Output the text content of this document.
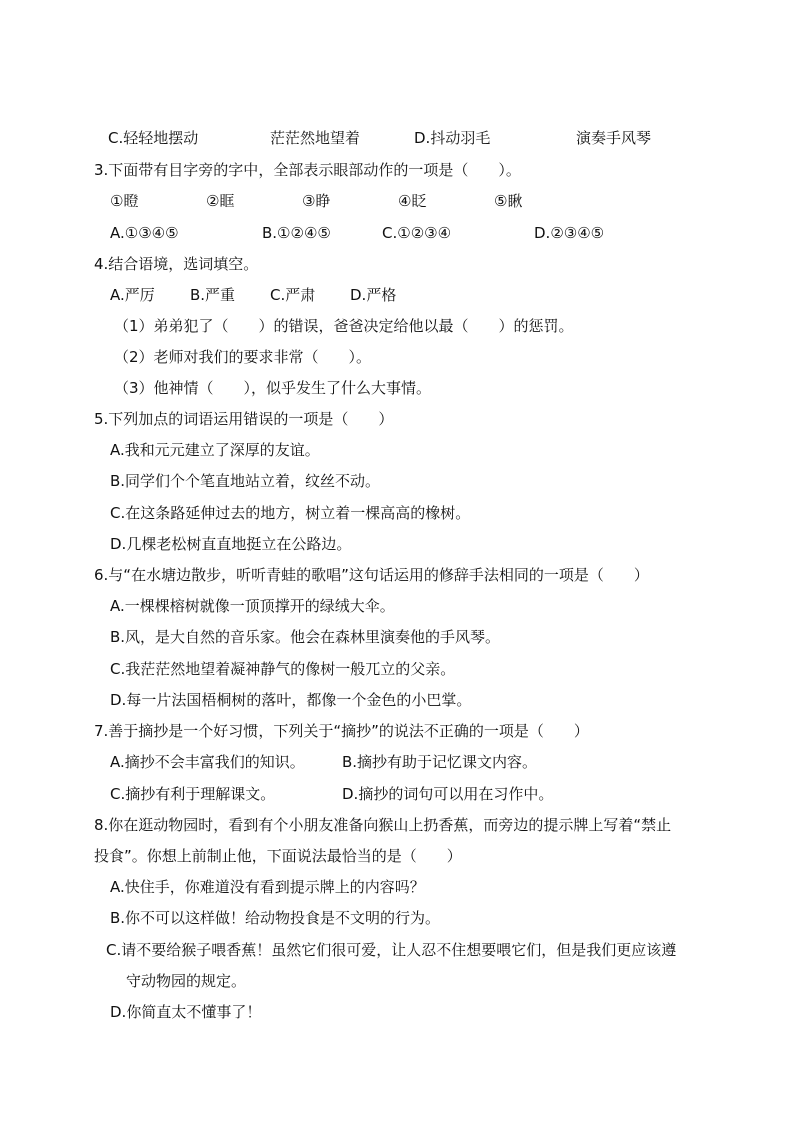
C.轻轻地摆动	茫茫然地望着	D.抖动羽毛	演奏手风琴
3.下面带有目字旁的字中，全部表示眼部动作的一项是（　　）。
①瞪	②眶	③睁	④眨	⑤瞅
A.①③④⑤	B.①②④⑤	C.①②③④	D.②③④⑤
4.结合语境，选词填空。
A.严厉 B.严重 C.严肃 D.严格
（1）弟弟犯了（　　）的错误，爸爸决定给他以最（　　）的惩罚。
（2）老师对我们的要求非常（　　）。
（3）他神情（　　），似乎发生了什么大事情。
5.下列加点的词语运用错误的一项是（　　）
A.我和元元建立了深厚的友谊。
B.同学们个个笔直地站立着，纹丝不动。
C.在这条路延伸过去的地方，树立着一棵高高的橡树。
D.几棵老松树直直地挺立在公路边。
6.与“在水塘边散步，听听青蛙的歌唱”这句话运用的修辞手法相同的一项是（　　）
A.一棵棵榕树就像一顶顶撑开的绿绒大伞。
B.风，是大自然的音乐家。他会在森林里演奏他的手风琴。
C.我茫茫然地望着凝神静气的像树一般兀立的父亲。
D.每一片法国梧桐树的落叶，都像一个金色的小巴掌。
7.善于摘抄是一个好习惯，下列关于“摘抄”的说法不正确的一项是（　　）
A.摘抄不会丰富我们的知识。 B.摘抄有助于记忆课文内容。
C.摘抄有利于理解课文。	D.摘抄的词句可以用在习作中。
8.你在逛动物园时，看到有个小朋友准备向猴山上扔香蕉，而旁边的提示牌上写着“禁止
投食”。你想上前制止他，下面说法最恰当的是（　　）
A.快住手，你难道没有看到提示牌上的内容吗？
B.你不可以这样做！给动物投食是不文明的行为。
C.请不要给猴子喂香蕉！虽然它们很可爱，让人忍不住想要喂它们，但是我们更应该遵
守动物园的规定。
D.你简直太不懂事了！
